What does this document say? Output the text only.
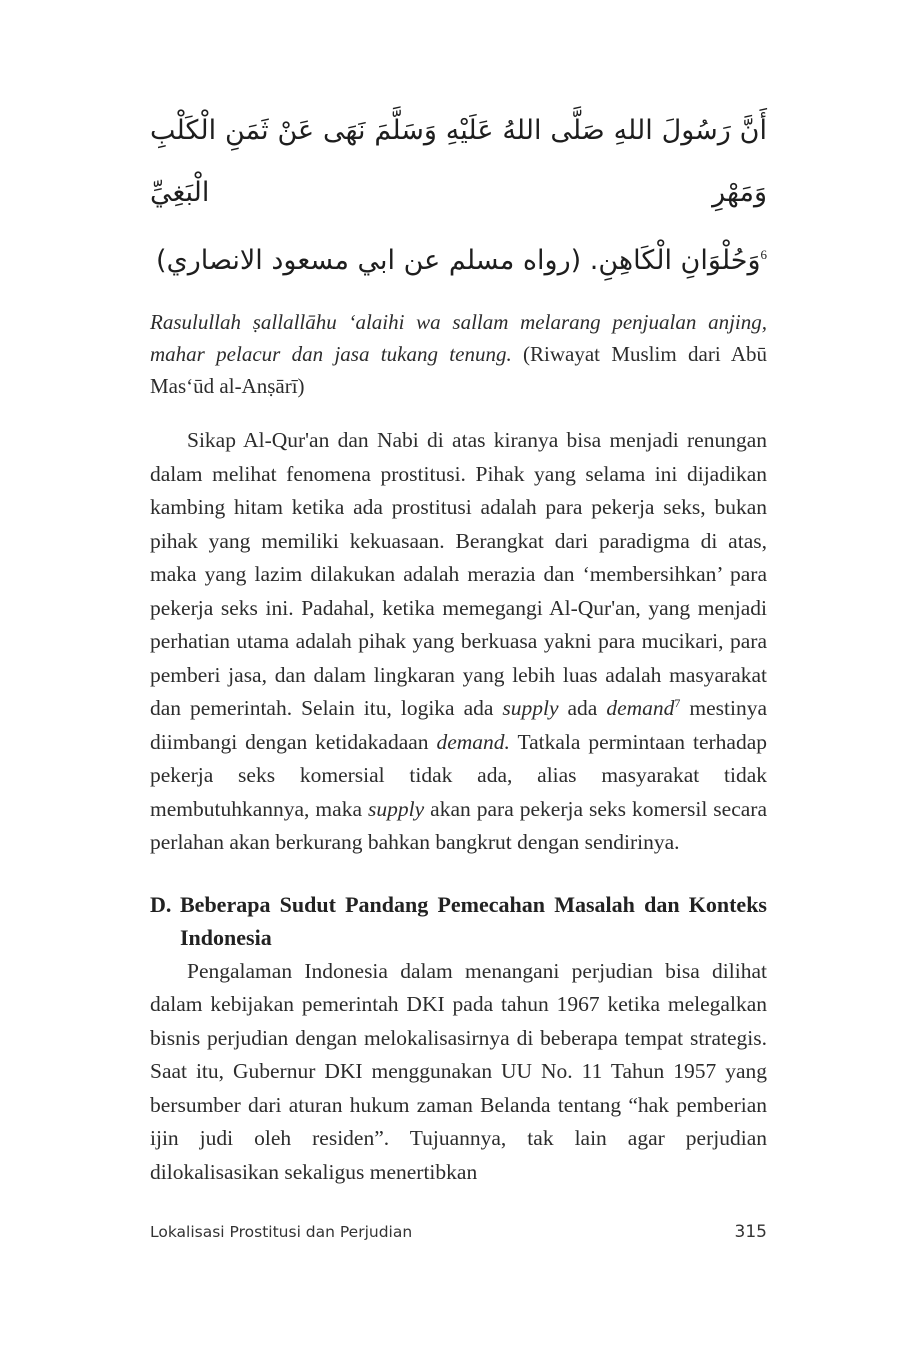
أَنَّ رَسُولَ اللهِ صَلَّى اللهُ عَلَيْهِ وَسَلَّمَ نَهَى عَنْ ثَمَنِ الْكَلْبِ وَمَهْرِ الْبَغِيِّ
$^6$وَحُلْوَانِ الْكَاهِنِ. (رواه مسلم عن ابي مسعود الانصاري)
Rasulullah ṣallallāhu ‘alaihi wa sallam melarang penjualan anjing, mahar pelacur dan jasa tukang tenung. (Riwayat Muslim dari Abū Mas‘ūd al-Anṣārī)

Sikap Al-Qur'an dan Nabi di atas kiranya bisa menjadi renungan dalam melihat fenomena prostitusi. Pihak yang selama ini dijadikan kambing hitam ketika ada prostitusi adalah para pekerja seks, bukan pihak yang memiliki kekuasaan. Berangkat dari paradigma di atas, maka yang lazim dilakukan adalah merazia dan ‘membersihkan’ para pekerja seks ini. Padahal, ketika memegangi Al-Qur'an, yang menjadi perhatian utama adalah pihak yang berkuasa yakni para mucikari, para pemberi jasa, dan dalam lingkaran yang lebih luas adalah masyarakat dan pemerintah. Selain itu, logika ada supply ada demand$^7$ mestinya diimbangi dengan ketidakadaan demand. Tatkala permintaan terhadap pekerja seks komersial tidak ada, alias masyarakat tidak membutuhkannya, maka supply akan para pekerja seks komersil secara perlahan akan berkurang bahkan bangkrut dengan sendirinya.

D. Beberapa Sudut Pandang Pemecahan Masalah dan Konteks Indonesia

Pengalaman Indonesia dalam menangani perjudian bisa dilihat dalam kebijakan pemerintah DKI pada tahun 1967 ketika melegalkan bisnis perjudian dengan melokalisasirnya di beberapa tempat strategis. Saat itu, Gubernur DKI menggunakan UU No. 11 Tahun 1957 yang bersumber dari aturan hukum zaman Belanda tentang “hak pemberian ijin judi oleh residen”. Tujuannya, tak lain agar perjudian dilokalisasikan sekaligus menertibkan

Lokalisasi Prostitusi dan Perjudian	315
